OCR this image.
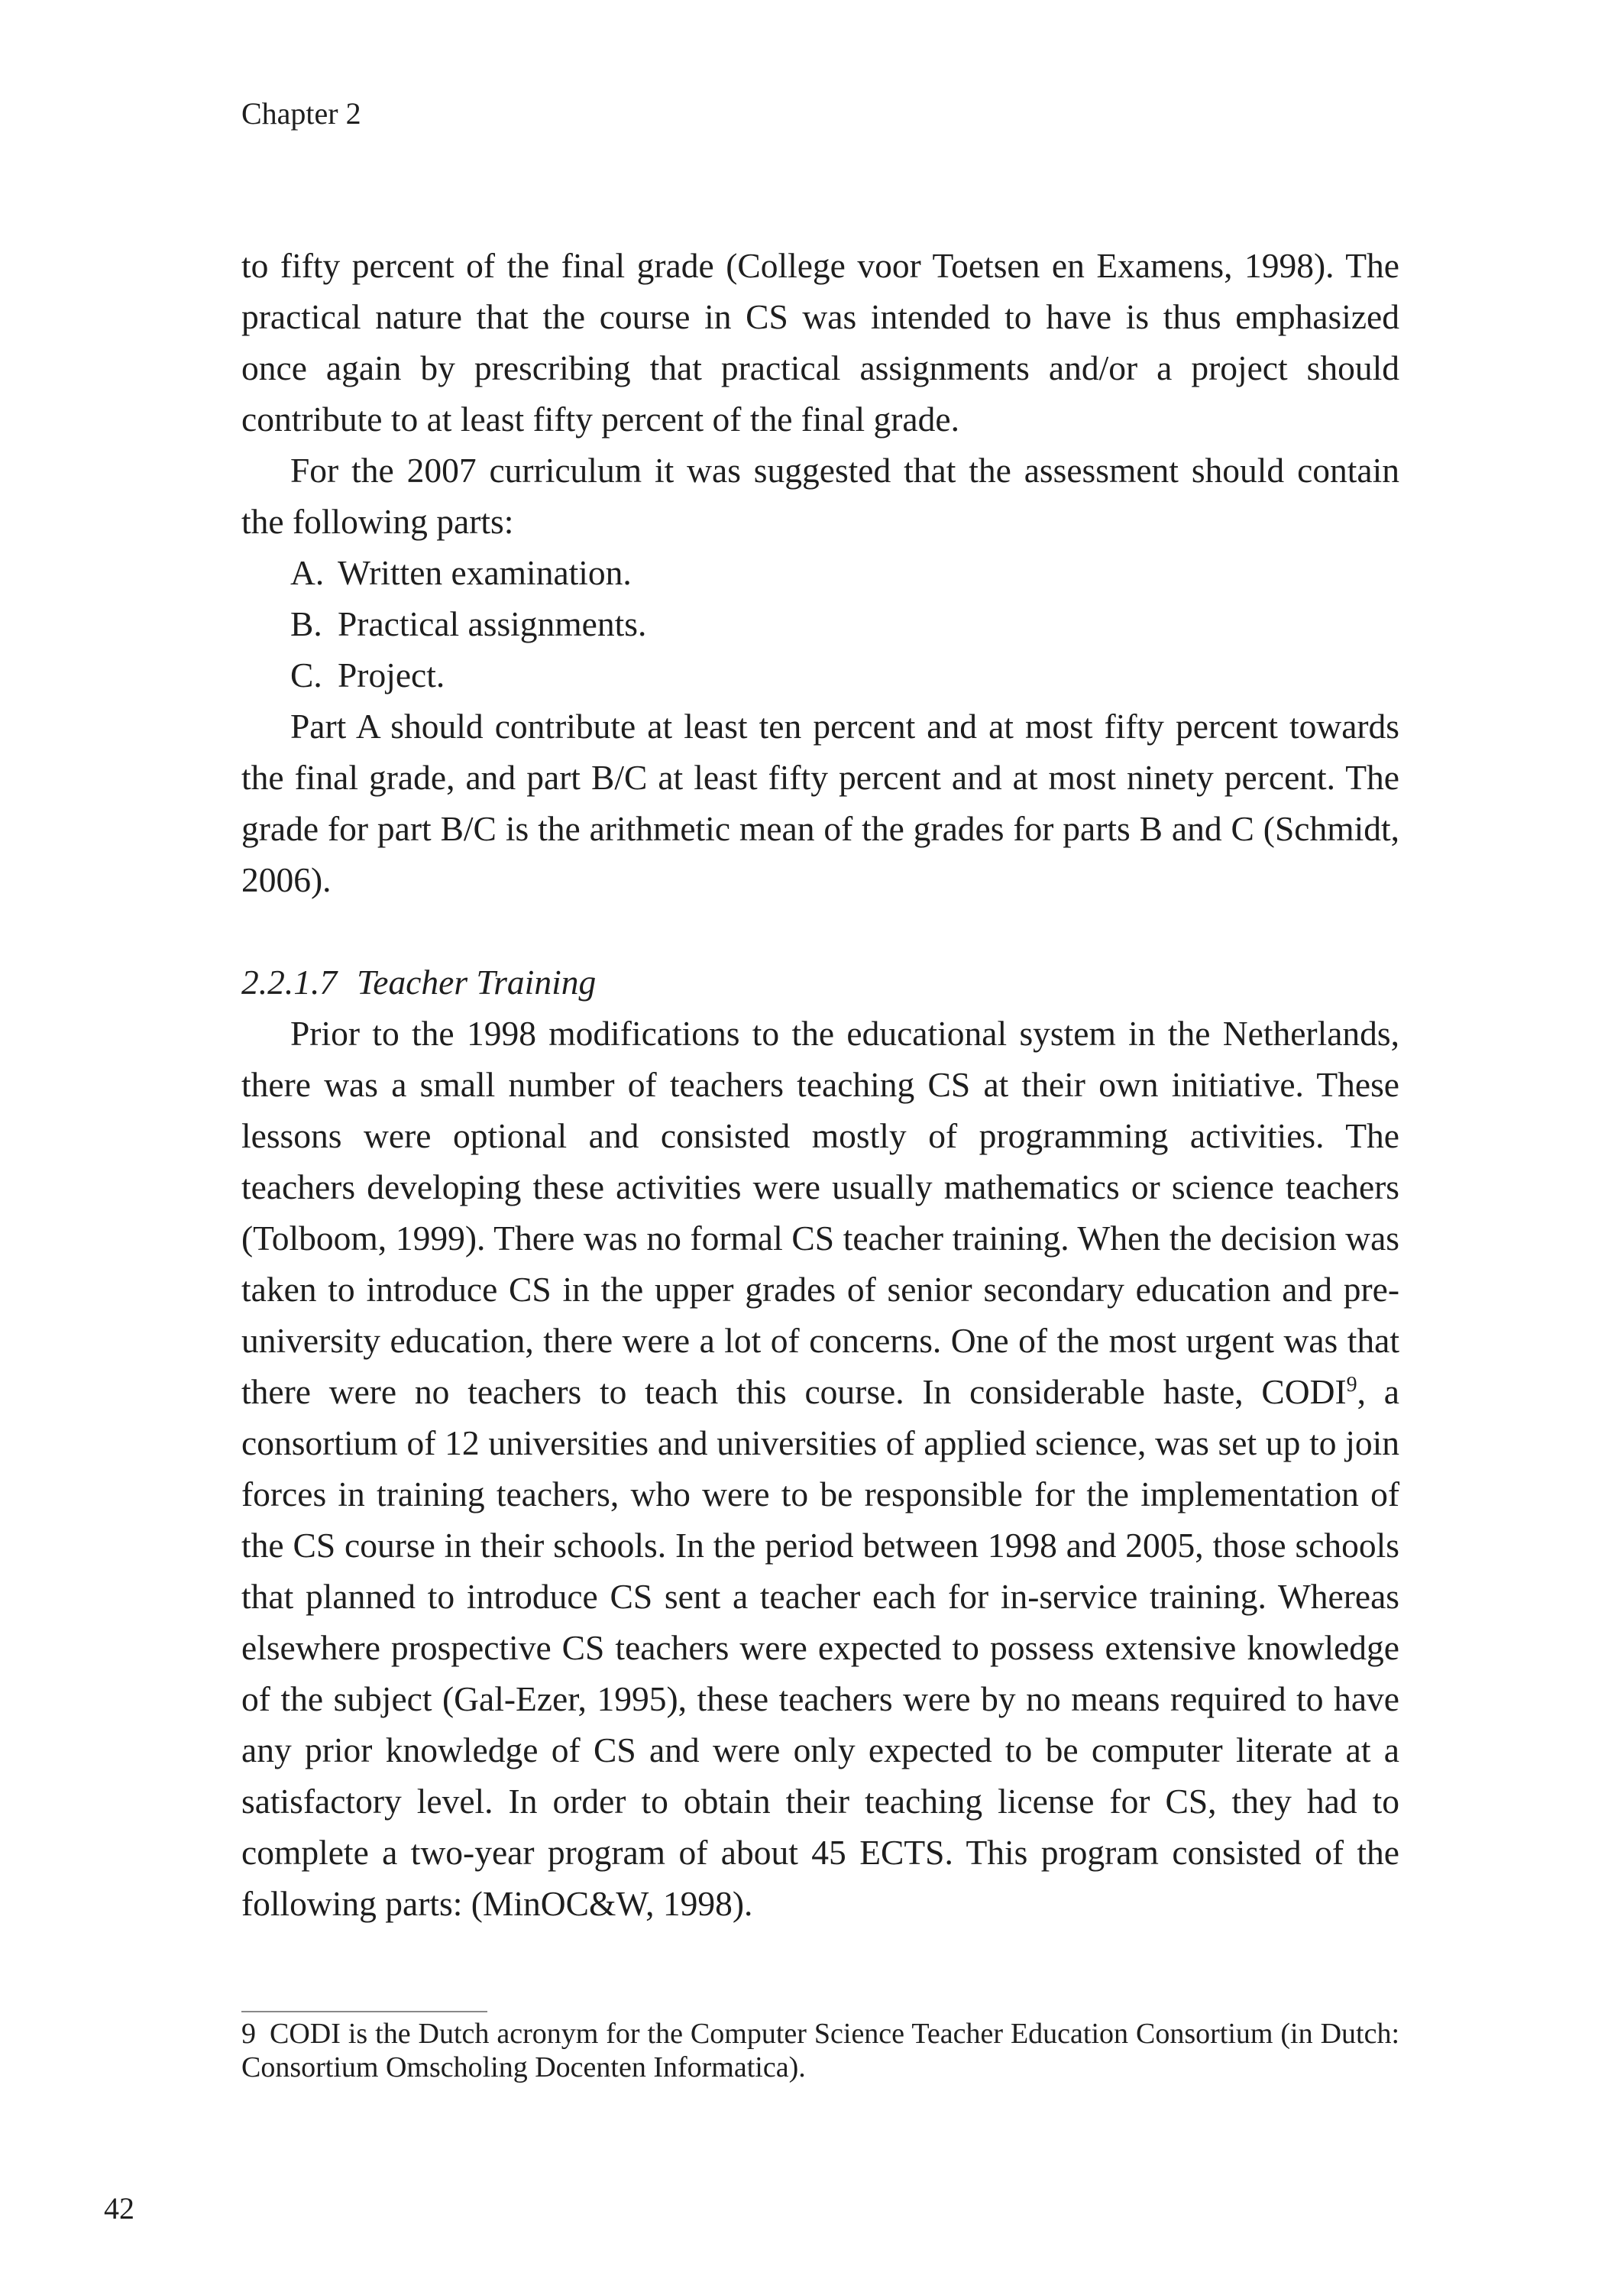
Chapter 2

to fifty percent of the final grade (College voor Toetsen en Examens, 1998). The practical nature that the course in CS was intended to have is thus emphasized once again by prescribing that practical assignments and/or a project should contribute to at least fifty percent of the final grade.

For the 2007 curriculum it was suggested that the assessment should contain the following parts:

A. Written examination.
B. Practical assignments.
C. Project.

Part A should contribute at least ten percent and at most fifty percent towards the final grade, and part B/C at least fifty percent and at most ninety percent. The grade for part B/C is the arithmetic mean of the grades for parts B and C (Schmidt, 2006).

2.2.1.7 Teacher Training

Prior to the 1998 modifications to the educational system in the Netherlands, there was a small number of teachers teaching CS at their own initiative. These lessons were optional and consisted mostly of programming activities. The teachers developing these activities were usually mathematics or science teachers (Tolboom, 1999). There was no formal CS teacher training. When the decision was taken to introduce CS in the upper grades of senior secondary education and pre-university education, there were a lot of concerns. One of the most urgent was that there were no teachers to teach this course. In considerable haste, CODI$^9$, a consortium of 12 universities and universities of applied science, was set up to join forces in training teachers, who were to be responsible for the implementation of the CS course in their schools. In the period between 1998 and 2005, those schools that planned to introduce CS sent a teacher each for in-service training. Whereas elsewhere prospective CS teachers were expected to possess extensive knowledge of the subject (Gal-Ezer, 1995), these teachers were by no means required to have any prior knowledge of CS and were only expected to be computer literate at a satisfactory level. In order to obtain their teaching license for CS, they had to complete a two-year program of about 45 ECTS. This program consisted of the following parts: (MinOC&W, 1998).

9 CODI is the Dutch acronym for the Computer Science Teacher Education Consortium (in Dutch: Consortium Omscholing Docenten Informatica).

42
